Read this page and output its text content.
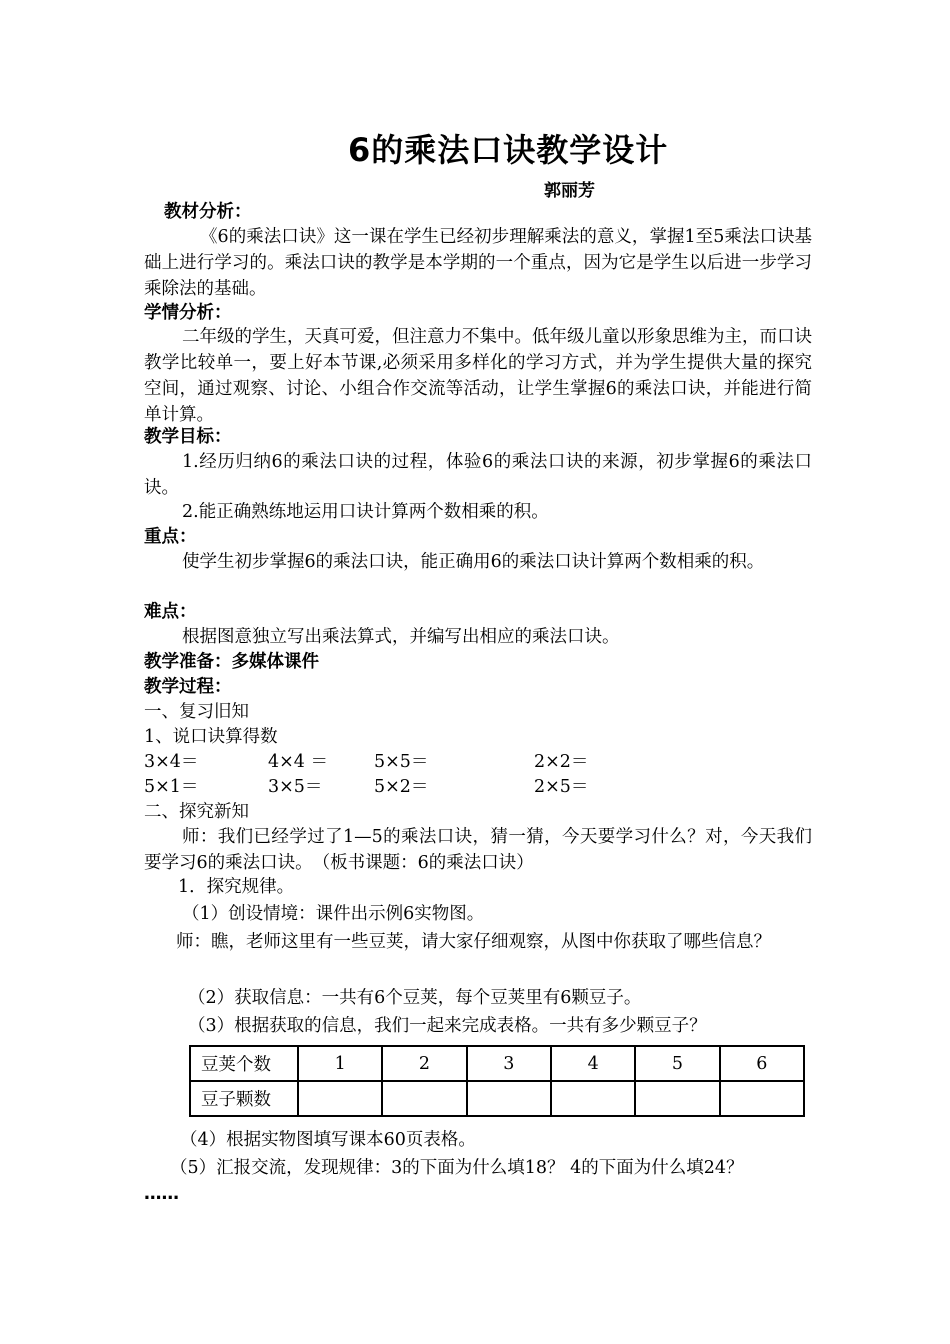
6的乘法口诀教学设计
郭丽芳
教材分析：
《6的乘法口诀》这一课在学生已经初步理解乘法的意义，掌握1至5乘法口诀基础上进行学习的。乘法口诀的教学是本学期的一个重点，因为它是学生以后进一步学习乘除法的基础。
学情分析：
二年级的学生，天真可爱，但注意力不集中。低年级儿童以形象思维为主，而口诀教学比较单一，要上好本节课,必须采用多样化的学习方式，并为学生提供大量的探究空间，通过观察、讨论、小组合作交流等活动，让学生掌握6的乘法口诀，并能进行简单计算。
教学目标：
1.经历归纳6的乘法口诀的过程，体验6的乘法口诀的来源，初步掌握6的乘法口诀。
2.能正确熟练地运用口诀计算两个数相乘的积。
重点：
使学生初步掌握6的乘法口诀，能正确用6的乘法口诀计算两个数相乘的积。
难点：
根据图意独立写出乘法算式，并编写出相应的乘法口诀。
教学准备：多媒体课件
教学过程：
一、复习旧知
1、说口诀算得数
3×4＝	4×4 ＝	5×5＝	2×2＝
5×1＝	3×5＝	5×2＝	2×5＝
二、探究新知
师：我们已经学过了1—5的乘法口诀，猜一猜，今天要学习什么？对，今天我们要学习6的乘法口诀。　（板书课题：6的乘法口诀）
1．探究规律。
（1）创设情境：课件出示例6实物图。
师：瞧，老师这里有一些豆荚，请大家仔细观察，从图中你获取了哪些信息？
（2）获取信息：一共有6个豆荚，每个豆荚里有6颗豆子。
（3）根据获取的信息，我们一起来完成表格。一共有多少颗豆子？
豆荚个数	1	2	3	4	5	6
豆子颗数						
（4）根据实物图填写课本60页表格。
（5）汇报交流，发现规律：3的下面为什么填18？ 4的下面为什么填24？
……
